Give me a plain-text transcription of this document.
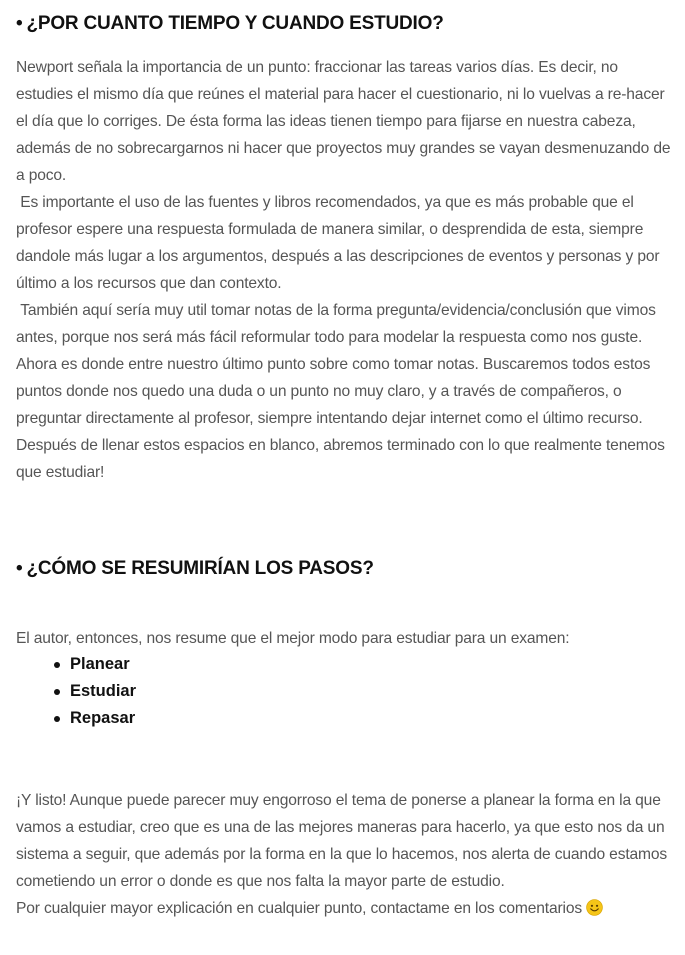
• ¿POR CUANTO TIEMPO Y CUANDO ESTUDIO?

Newport señala la importancia de un punto: fraccionar las tareas varios días. Es decir, no estudies el mismo día que reúnes el material para hacer el cuestionario, ni lo vuelvas a re-hacer el día que lo corriges. De ésta forma las ideas tienen tiempo para fijarse en nuestra cabeza, además de no sobrecargarnos ni hacer que proyectos muy grandes se vayan desmenuzando de a poco.

Es importante el uso de las fuentes y libros recomendados, ya que es más probable que el profesor espere una respuesta formulada de manera similar, o desprendida de esta, siempre dandole más lugar a los argumentos, después a las descripciones de eventos y personas y por último a los recursos que dan contexto.

También aquí sería muy util tomar notas de la forma pregunta/evidencia/conclusión que vimos antes, porque nos será más fácil reformular todo para modelar la respuesta como nos guste.

Ahora es donde entre nuestro último punto sobre como tomar notas. Buscaremos todos estos puntos donde nos quedo una duda o un punto no muy claro, y a través de compañeros, o preguntar directamente al profesor, siempre intentando dejar internet como el último recurso.

Después de llenar estos espacios en blanco, abremos terminado con lo que realmente tenemos que estudiar!

• ¿CÓMO SE RESUMIRÍAN LOS PASOS?

El autor, entonces, nos resume que el mejor modo para estudiar para un examen:

Planear
Estudiar
Repasar

¡Y listo! Aunque puede parecer muy engorroso el tema de ponerse a planear la forma en la que vamos a estudiar, creo que es una de las mejores maneras para hacerlo, ya que esto nos da un sistema a seguir, que además por la forma en la que lo hacemos, nos alerta de cuando estamos cometiendo un error o donde es que nos falta la mayor parte de estudio.

Por cualquier mayor explicación en cualquier punto, contactame en los comentarios
